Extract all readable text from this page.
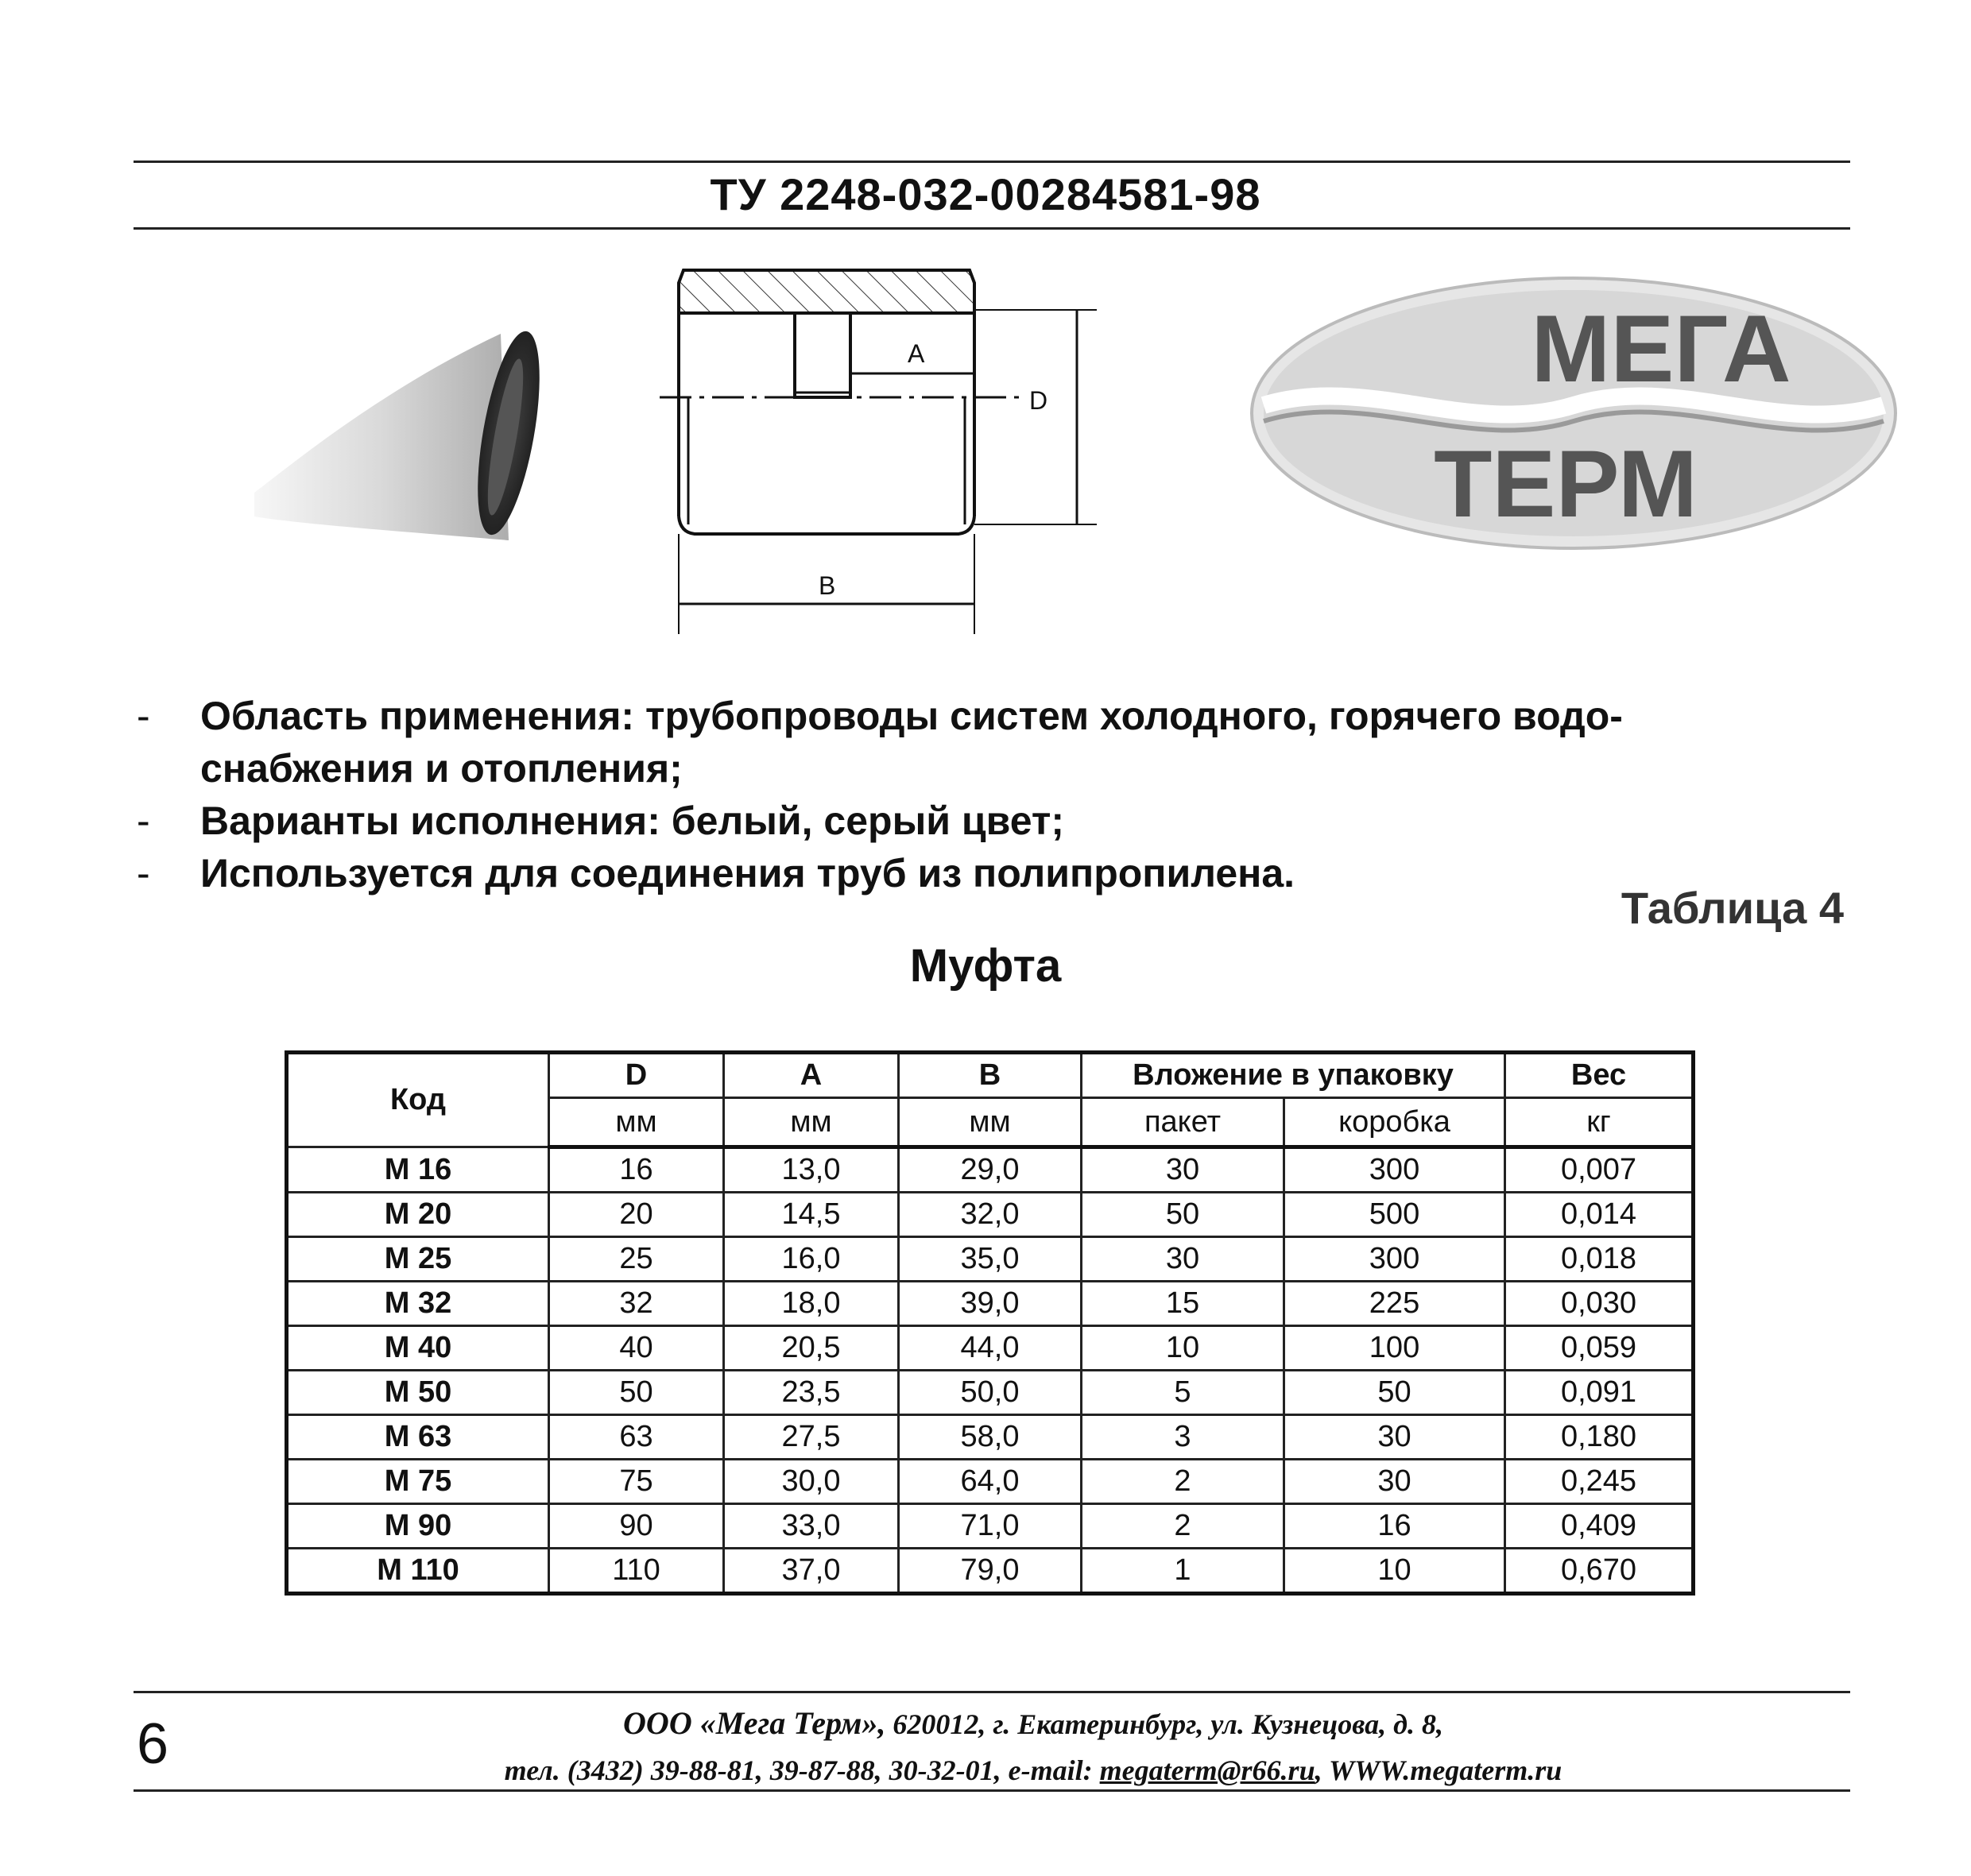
ТУ 2248-032-00284581-98
D
A
B
МЕГА
ТЕРМ
- Область применения: трубопроводы систем холодного, горячего водо-снабжения и отопления;
- Варианты исполнения: белый, серый цвет;
- Используется для соединения труб из полипропилена.
Таблица 4
Муфта
Код	D	A	B	Вложение в упаковку		Вес
	мм	мм	мм	пакет	коробка	кг
М 16	16	13,0	29,0	30	300	0,007
М 20	20	14,5	32,0	50	500	0,014
М 25	25	16,0	35,0	30	300	0,018
М 32	32	18,0	39,0	15	225	0,030
М 40	40	20,5	44,0	10	100	0,059
М 50	50	23,5	50,0	5	50	0,091
М 63	63	27,5	58,0	3	30	0,180
М 75	75	30,0	64,0	2	30	0,245
М 90	90	33,0	71,0	2	16	0,409
М 110	110	37,0	79,0	1	10	0,670
6	ООО «Мега Терм», 620012, г. Екатеринбург, ул. Кузнецова, д. 8,
тел. (3432) 39-88-81, 39-87-88, 30-32-01, e-mail: megaterm@r66.ru, WWW.megaterm.ru
